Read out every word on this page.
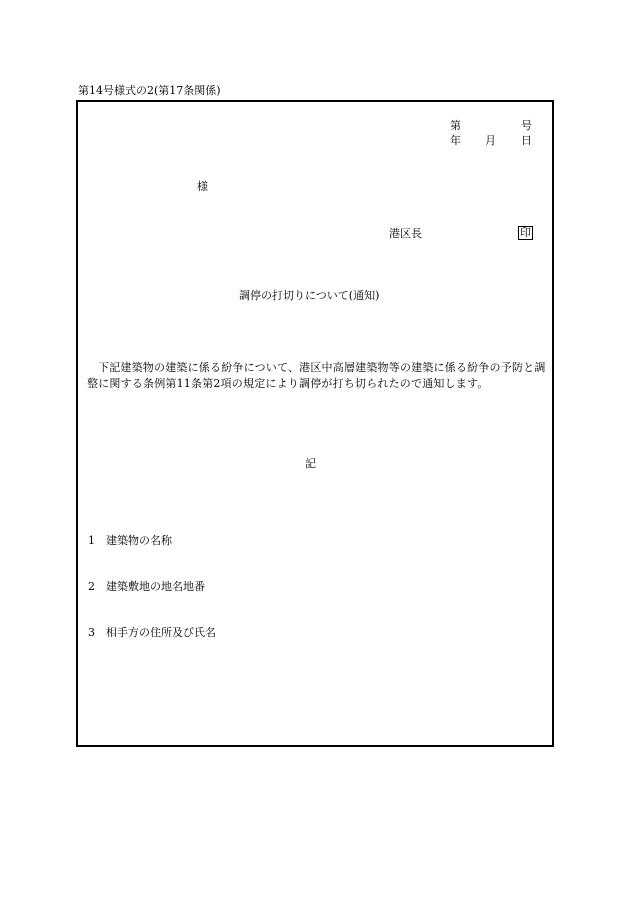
第14号様式の2(第17条関係)
第	号
年 月 日
様
港区長	印
調停の打切りについて(通知)
下記建築物の建築に係る紛争について、港区中高層建築物等の建築に係る紛争の予防と調整に関する条例第11条第2項の規定により調停が打ち切られたので通知します。
記
1 建築物の名称
2 建築敷地の地名地番
3 相手方の住所及び氏名
